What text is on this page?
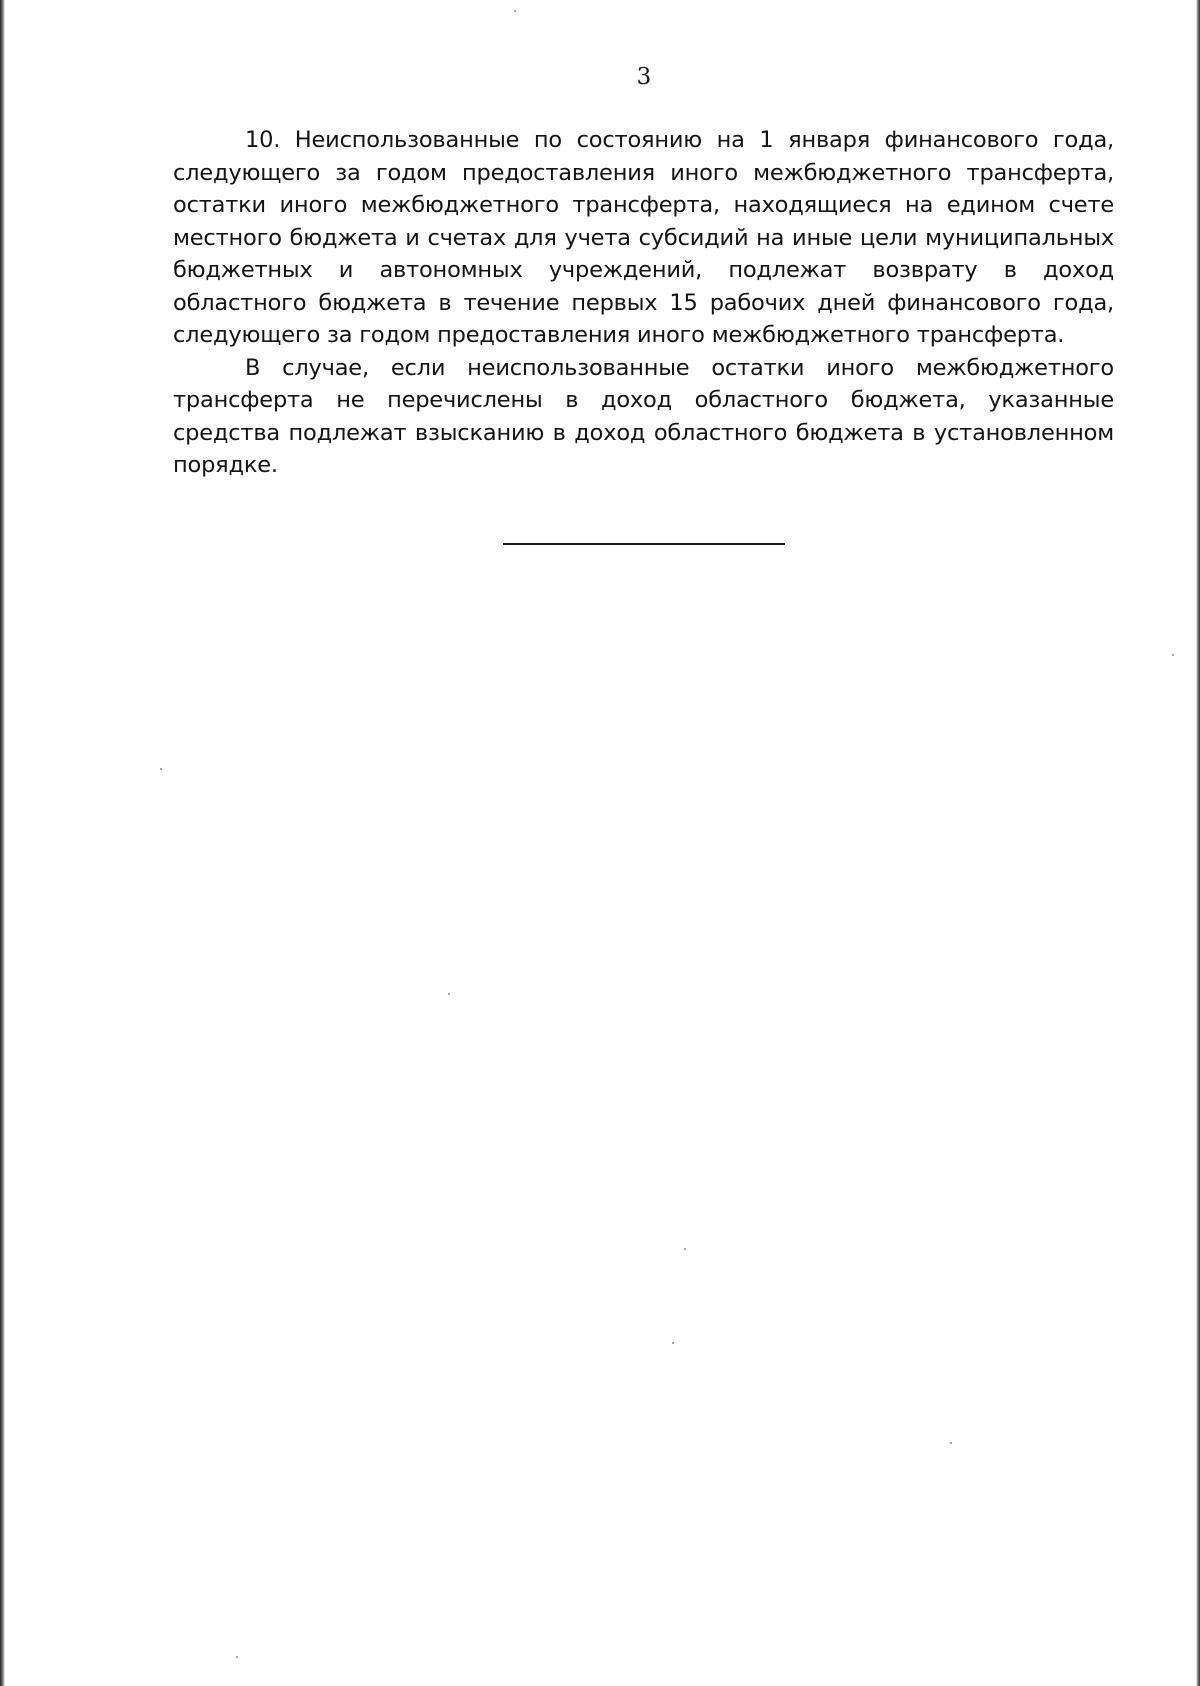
3

10. Неиспользованные по состоянию на 1 января финансового года, следующего за годом предоставления иного межбюджетного трансферта, остатки иного межбюджетного трансферта, находящиеся на едином счете местного бюджета и счетах для учета субсидий на иные цели муниципальных бюджетных и автономных учреждений, подлежат возврату в доход областного бюджета в течение первых 15 рабочих дней финансового года, следующего за годом предоставления иного межбюджетного трансферта.

В случае, если неиспользованные остатки иного межбюджетного трансферта не перечислены в доход областного бюджета, указанные средства подлежат взысканию в доход областного бюджета в установленном порядке.
